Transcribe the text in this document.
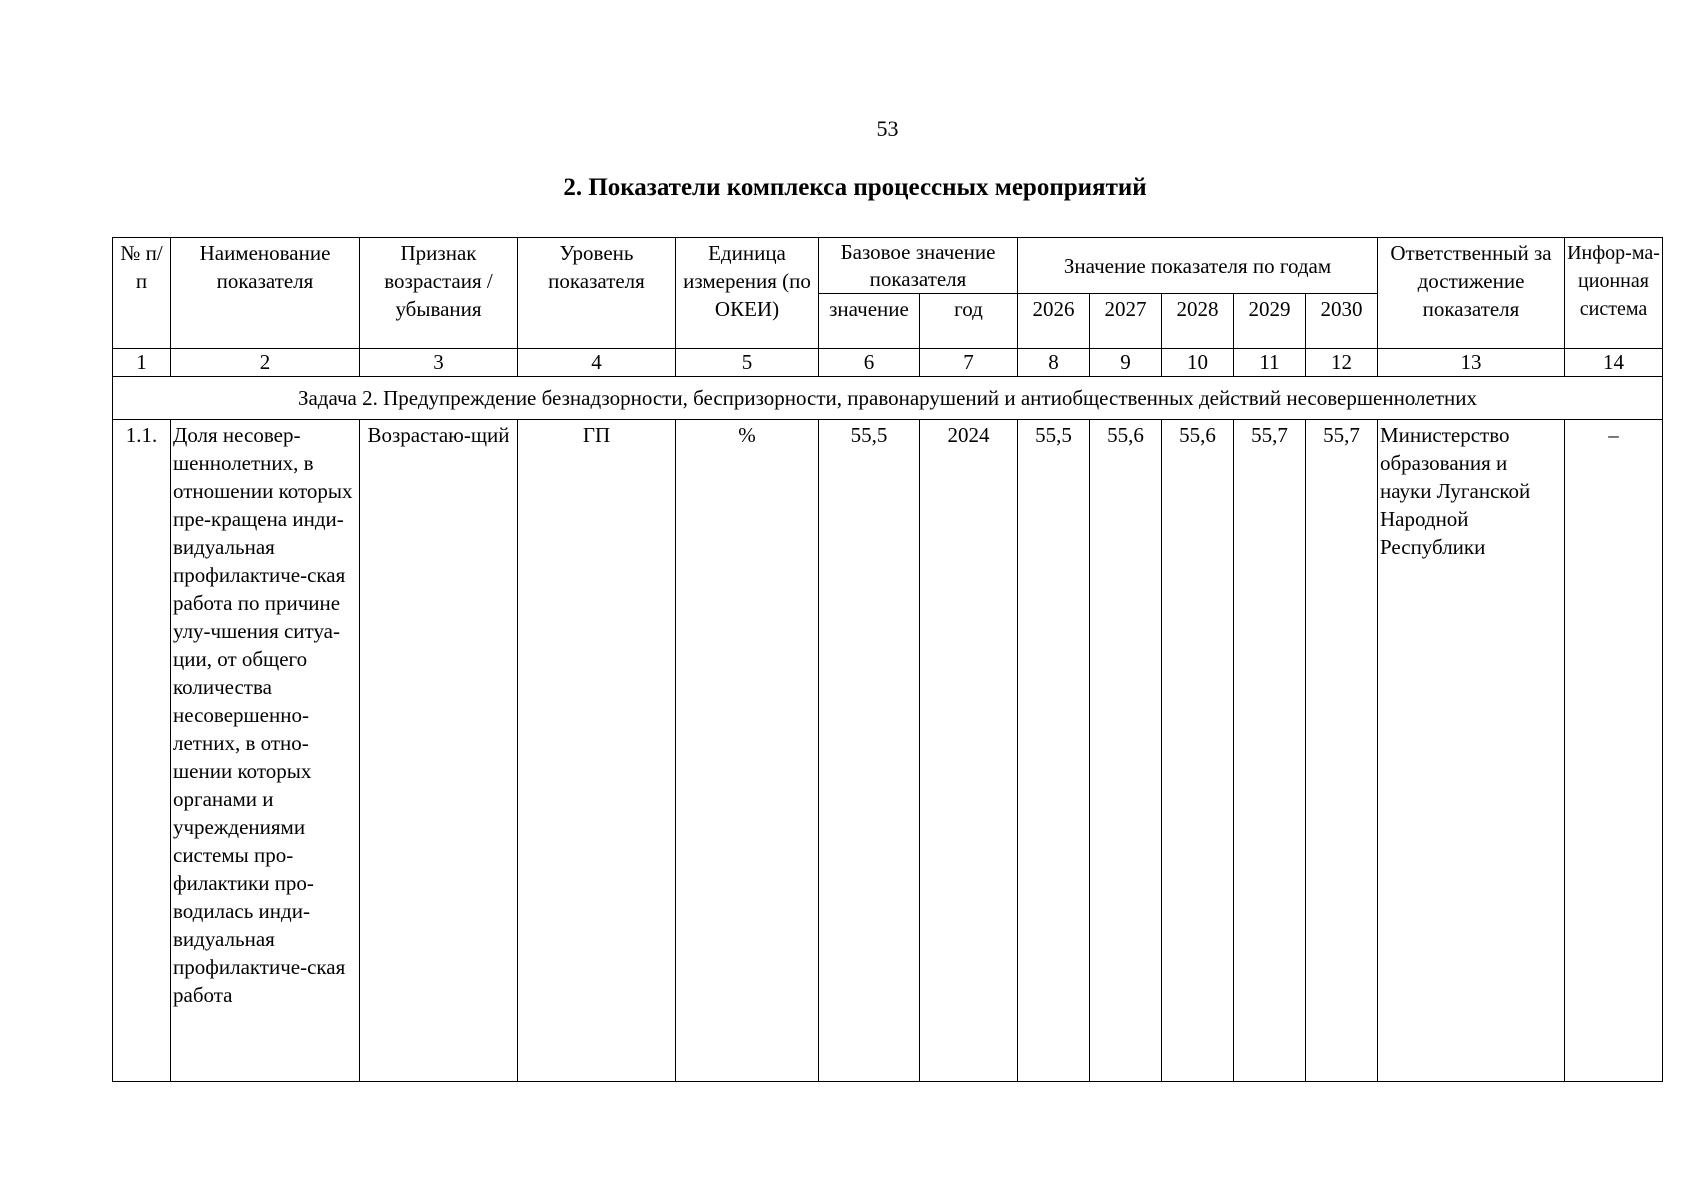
53
2. Показатели комплекса процессных мероприятий
№ п/п	Наименование показателя	Признак возрастаия / убывания	Уровень показателя	Единица измерения (по ОКЕИ)	Базовое значение показателя		Значение показателя по годам					Ответственный за достижение показателя	Инфор-ма-ционная система
					значение	год	2026	2027	2028	2029	2030		
1	2	3	4	5	6	7	8	9	10	11	12	13	14
Задача 2. Предупреждение безнадзорности, беспризорности, правонарушений и антиобщественных действий несовершеннолетних													
1.1.	Доля несовер-шеннолетних, в отношении которых пре-кращена инди-видуальная профилактиче-ская работа по причине улу-чшения ситуа-ции, от общего количества несовершенно-летних, в отно-шении которых органами и учреждениями системы про-филактики про-водилась инди-видуальная профилактиче-ская работа	Возрастаю-щий	ГП	%	55,5	2024	55,5	55,6	55,6	55,7	55,7	Министерство образования и науки Луганской Народной Республики	–
